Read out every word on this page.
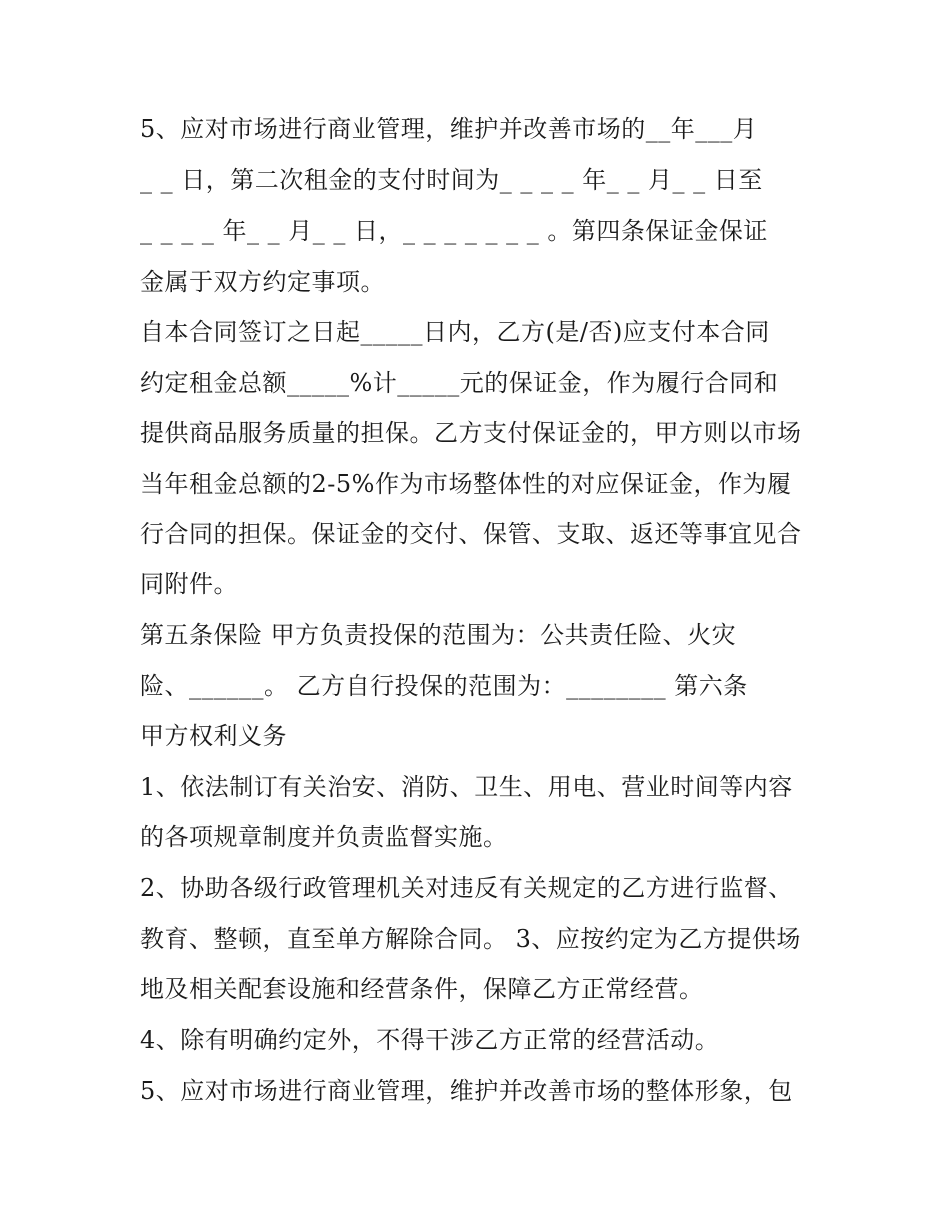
5、应对市场进行商业管理，维护并改善市场的__年___月

_ _ 日，第二次租金的支付时间为_ _ _ _ 年_ _ 月_ _ 日至

_ _ _ _ 年_ _ 月_ _ 日，_ _ _ _ _ _ _ 。第四条保证金保证

金属于双方约定事项。

自本合同签订之日起_____日内，乙方(是/否)应支付本合同

约定租金总额_____%计_____元的保证金，作为履行合同和

提供商品服务质量的担保。乙方支付保证金的，甲方则以市场

当年租金总额的2-5%作为市场整体性的对应保证金，作为履

行合同的担保。保证金的交付、保管、支取、返还等事宜见合

同附件。

第五条保险 甲方负责投保的范围为：公共责任险、火灾

险、______。 乙方自行投保的范围为：________ 第六条

甲方权利义务

1、依法制订有关治安、消防、卫生、用电、营业时间等内容

的各项规章制度并负责监督实施。

2、协助各级行政管理机关对违反有关规定的乙方进行监督、

教育、整顿，直至单方解除合同。 3、应按约定为乙方提供场

地及相关配套设施和经营条件，保障乙方正常经营。

4、除有明确约定外，不得干涉乙方正常的经营活动。

5、应对市场进行商业管理，维护并改善市场的整体形象，包
